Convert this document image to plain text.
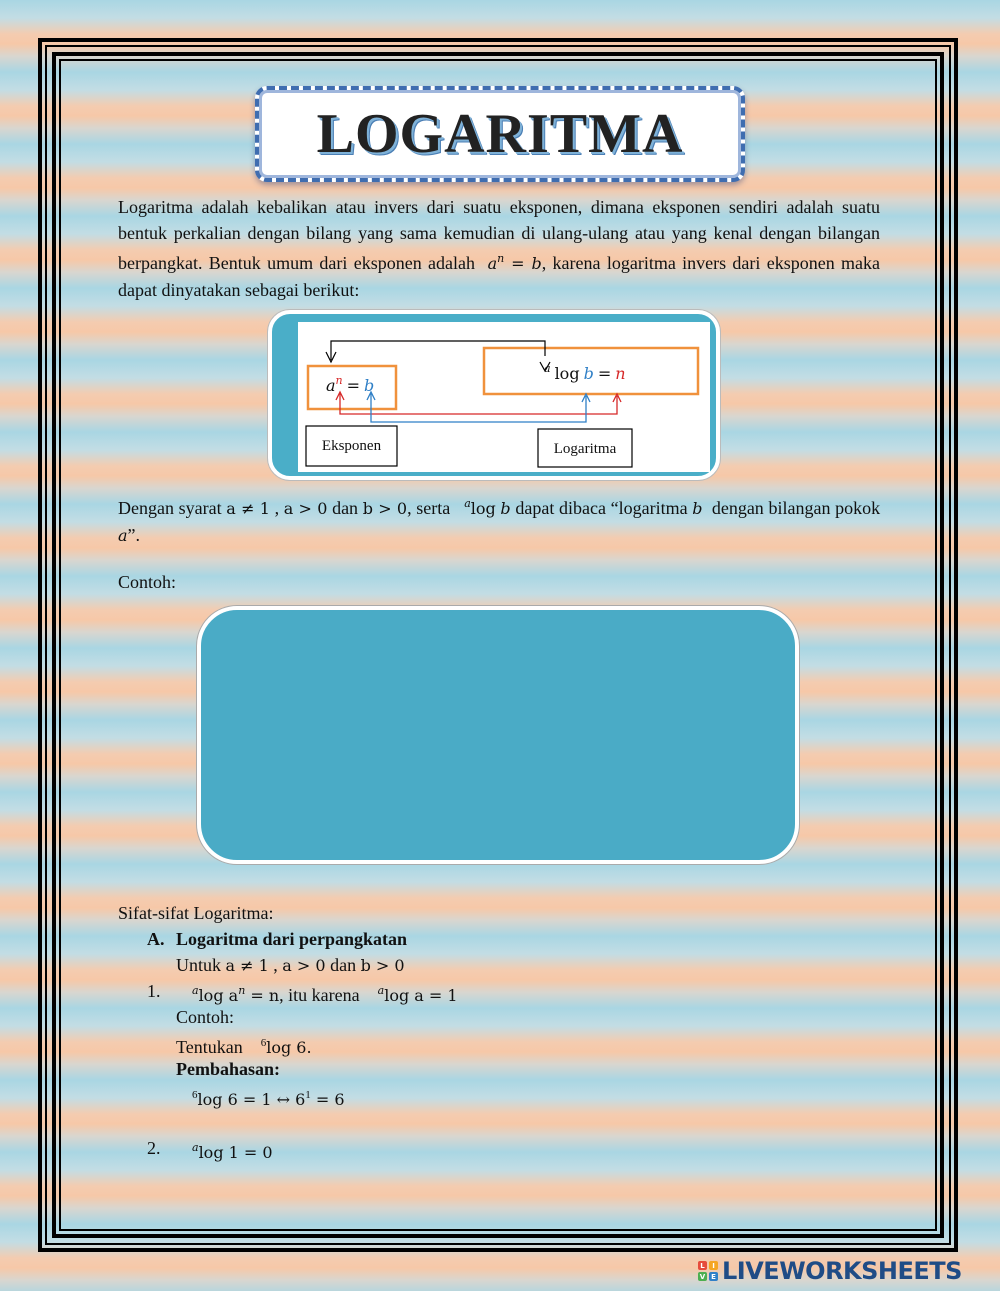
LOGARITMA

Logaritma adalah kebalikan atau invers dari suatu eksponen, dimana eksponen sendiri adalah suatu bentuk perkalian dengan bilang yang sama kemudian di ulang-ulang atau yang kenal dengan bilangan berpangkat. Bentuk umum dari eksponen adalah $a^n = b$, karena logaritma invers dari eksponen maka dapat dinyatakan sebagai berikut:

$a^n = b$
$^a$ log b = n
Eksponen	Logaritma

Dengan syarat a ≠ 1 , a > 0 dan b > 0, serta $^a$log b dapat dibaca “logaritma b dengan bilangan pokok a”.

Contoh:
Sifat-sifat Logaritma:
A. Logaritma dari perpangkatan
Untuk a ≠ 1 , a > 0 dan b > 0
1.	$^a$log $a^n = n$, itu karena $^a$log a = 1
Contoh:
Tentukan $^6$log 6.
Pembahasan:
$^6$log 6 = 1 ↔ $6^1 = 6$
2.	$^a$log 1 = 0
L	I
V E LIVEWORKSHEETS
